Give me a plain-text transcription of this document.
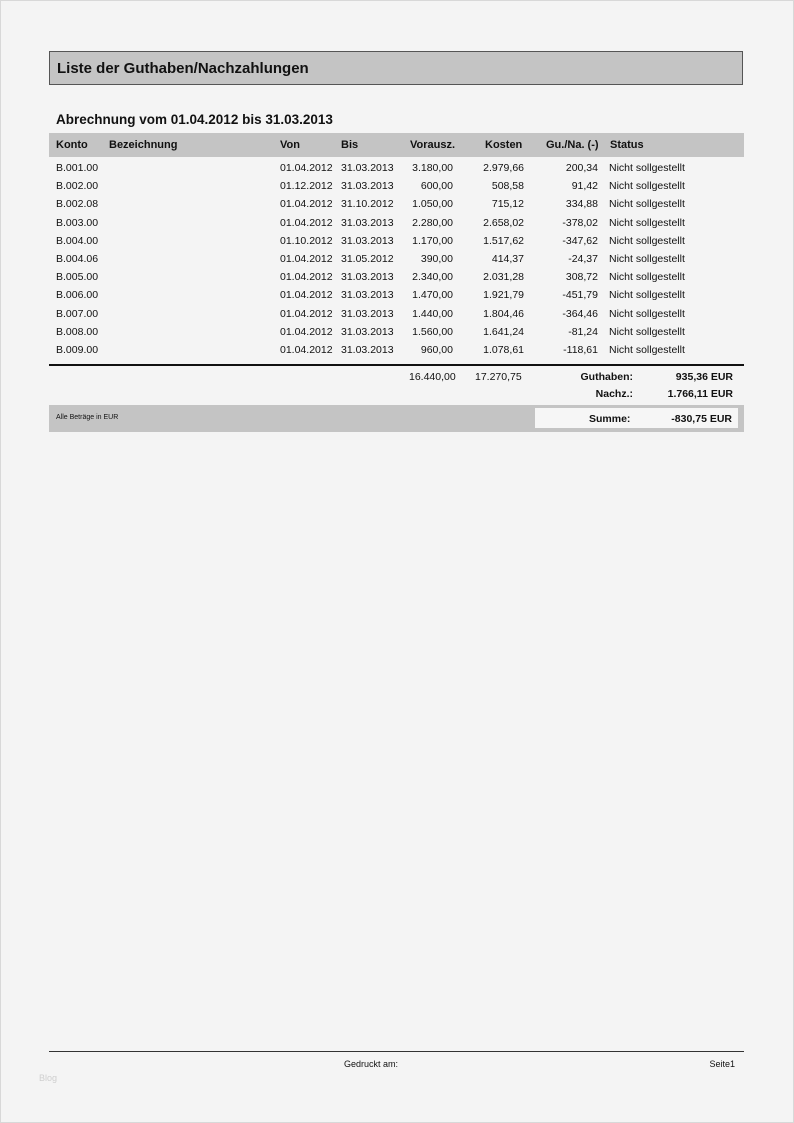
Liste der Guthaben/Nachzahlungen
Abrechnung vom 01.04.2012 bis 31.03.2013
Konto Bezeichnung	Von	Bis	Vorausz.	Kosten Gu./Na. (-) Status
B.001.00	01.04.2012 31.03.2013 3.180,00	2.979,66	200,34 Nicht sollgestellt
B.002.00	01.12.2012 31.03.2013	600,00	508,58	91,42 Nicht sollgestellt
B.002.08	01.04.2012 31.10.2012 1.050,00	715,12	334,88 Nicht sollgestellt
B.003.00	01.04.2012 31.03.2013 2.280,00	2.658,02	-378,02 Nicht sollgestellt
B.004.00	01.10.2012 31.03.2013 1.170,00	1.517,62	-347,62 Nicht sollgestellt
B.004.06	01.04.2012 31.05.2012	390,00	414,37	-24,37 Nicht sollgestellt
B.005.00	01.04.2012 31.03.2013 2.340,00	2.031,28	308,72 Nicht sollgestellt
B.006.00	01.04.2012 31.03.2013 1.470,00	1.921,79	-451,79 Nicht sollgestellt
B.007.00	01.04.2012 31.03.2013 1.440,00	1.804,46	-364,46 Nicht sollgestellt
B.008.00	01.04.2012 31.03.2013 1.560,00	1.641,24	-81,24 Nicht sollgestellt
B.009.00	01.04.2012 31.03.2013	960,00	1.078,61	-118,61 Nicht sollgestellt
16.440,00 17.270,75	Guthaben:	935,36 EUR
Nachz.:	1.766,11 EUR
Alle Beträge in EUR	Summe:	-830,75 EUR
Gedruckt am:	Seite1
Blog
